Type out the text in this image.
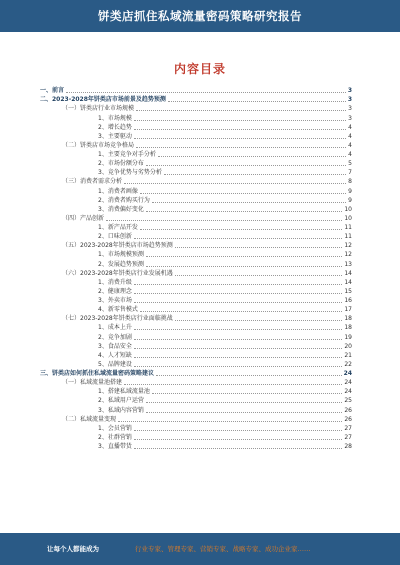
饼类店抓住私域流量密码策略研究报告
内容目录
一、前言	3
二、2023-2028年饼类店市场前景及趋势预测	3
（一）饼类店行业市场规模	3
1、市场规模	3
2、增长趋势	4
3、主要驱动	4
（二）饼类店市场竞争格局	4
1、主要竞争对手分析	4
2、市场份额分布	5
3、竞争优势与劣势分析	7
（三）消费者需求分析	8
1、消费者画像	9
2、消费者购买行为	9
3、消费偏好变化	10
（四）产品创新	10
1、新产品开发	11
2、口味创新	11
（五）2023-2028年饼类店市场趋势预测	12
1、市场规模预测	12
2、发展趋势预测	13
（六）2023-2028年饼类店行业发展机遇	14
1、消费升级	14
2、健康理念	15
3、外卖市场	16
4、新零售模式	17
（七）2023-2028年饼类店行业面临挑战	18
1、成本上升	18
2、竞争加剧	19
3、食品安全	20
4、人才短缺	21
5、品牌建设	22
三、饼类店如何抓住私域流量密码策略建议	24
（一）私域流量池搭建	24
1、搭建私域流量池	24
2、私域用户运营	25
3、私域内容营销	26
（二）私域流量变现	26
1、会员营销	27
2、社群营销	27
3、直播带货	28
让每个人都能成为	行业专家、管理专家、营销专家、战略专家、成功企业家……
